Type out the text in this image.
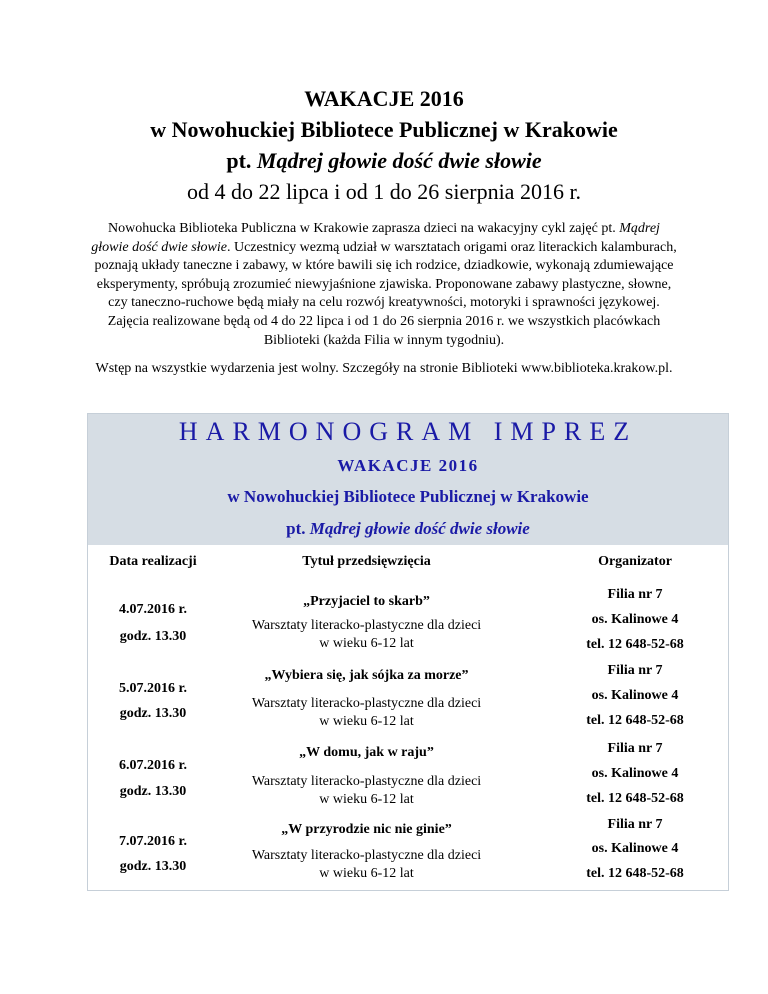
WAKACJE 2016
w Nowohuckiej Bibliotece Publicznej w Krakowie
pt. Mądrej głowie dość dwie słowie
od 4 do 22 lipca i od 1 do 26 sierpnia 2016 r.

Nowohucka Biblioteka Publiczna w Krakowie zaprasza dzieci na wakacyjny cykl zajęć pt. Mądrej głowie dość dwie słowie. Uczestnicy wezmą udział w warsztatach origami oraz literackich kalamburach, poznają układy taneczne i zabawy, w które bawili się ich rodzice, dziadkowie, wykonają zdumiewające eksperymenty, spróbują zrozumieć niewyjaśnione zjawiska. Proponowane zabawy plastyczne, słowne, czy taneczno-ruchowe będą miały na celu rozwój kreatywności, motoryki i sprawności językowej. Zajęcia realizowane będą od 4 do 22 lipca i od 1 do 26 sierpnia 2016 r. we wszystkich placówkach Biblioteki (każda Filia w innym tygodniu).

Wstęp na wszystkie wydarzenia jest wolny. Szczegóły na stronie Biblioteki www.biblioteka.krakow.pl.

HARMONOGRAM IMPREZ
WAKACJE 2016
w Nowohuckiej Bibliotece Publicznej w Krakowie
pt. Mądrej głowie dość dwie słowie
Data realizacji	Tytuł przedsięwzięcia	Organizator
4.07.2016 r.
godz. 13.30
„Przyjaciel to skarb”
Warsztaty literacko-plastyczne dla dzieci
w wieku 6-12 lat
Filia nr 7
os. Kalinowe 4
tel. 12 648-52-68
5.07.2016 r.
godz. 13.30
„Wybiera się, jak sójka za morze”
Warsztaty literacko-plastyczne dla dzieci
w wieku 6-12 lat
Filia nr 7
os. Kalinowe 4
tel. 12 648-52-68
6.07.2016 r.
godz. 13.30
„W domu, jak w raju”
Warsztaty literacko-plastyczne dla dzieci
w wieku 6-12 lat
Filia nr 7
os. Kalinowe 4
tel. 12 648-52-68
7.07.2016 r.
godz. 13.30
„W przyrodzie nic nie ginie”
Warsztaty literacko-plastyczne dla dzieci
w wieku 6-12 lat
Filia nr 7
os. Kalinowe 4
tel. 12 648-52-68
